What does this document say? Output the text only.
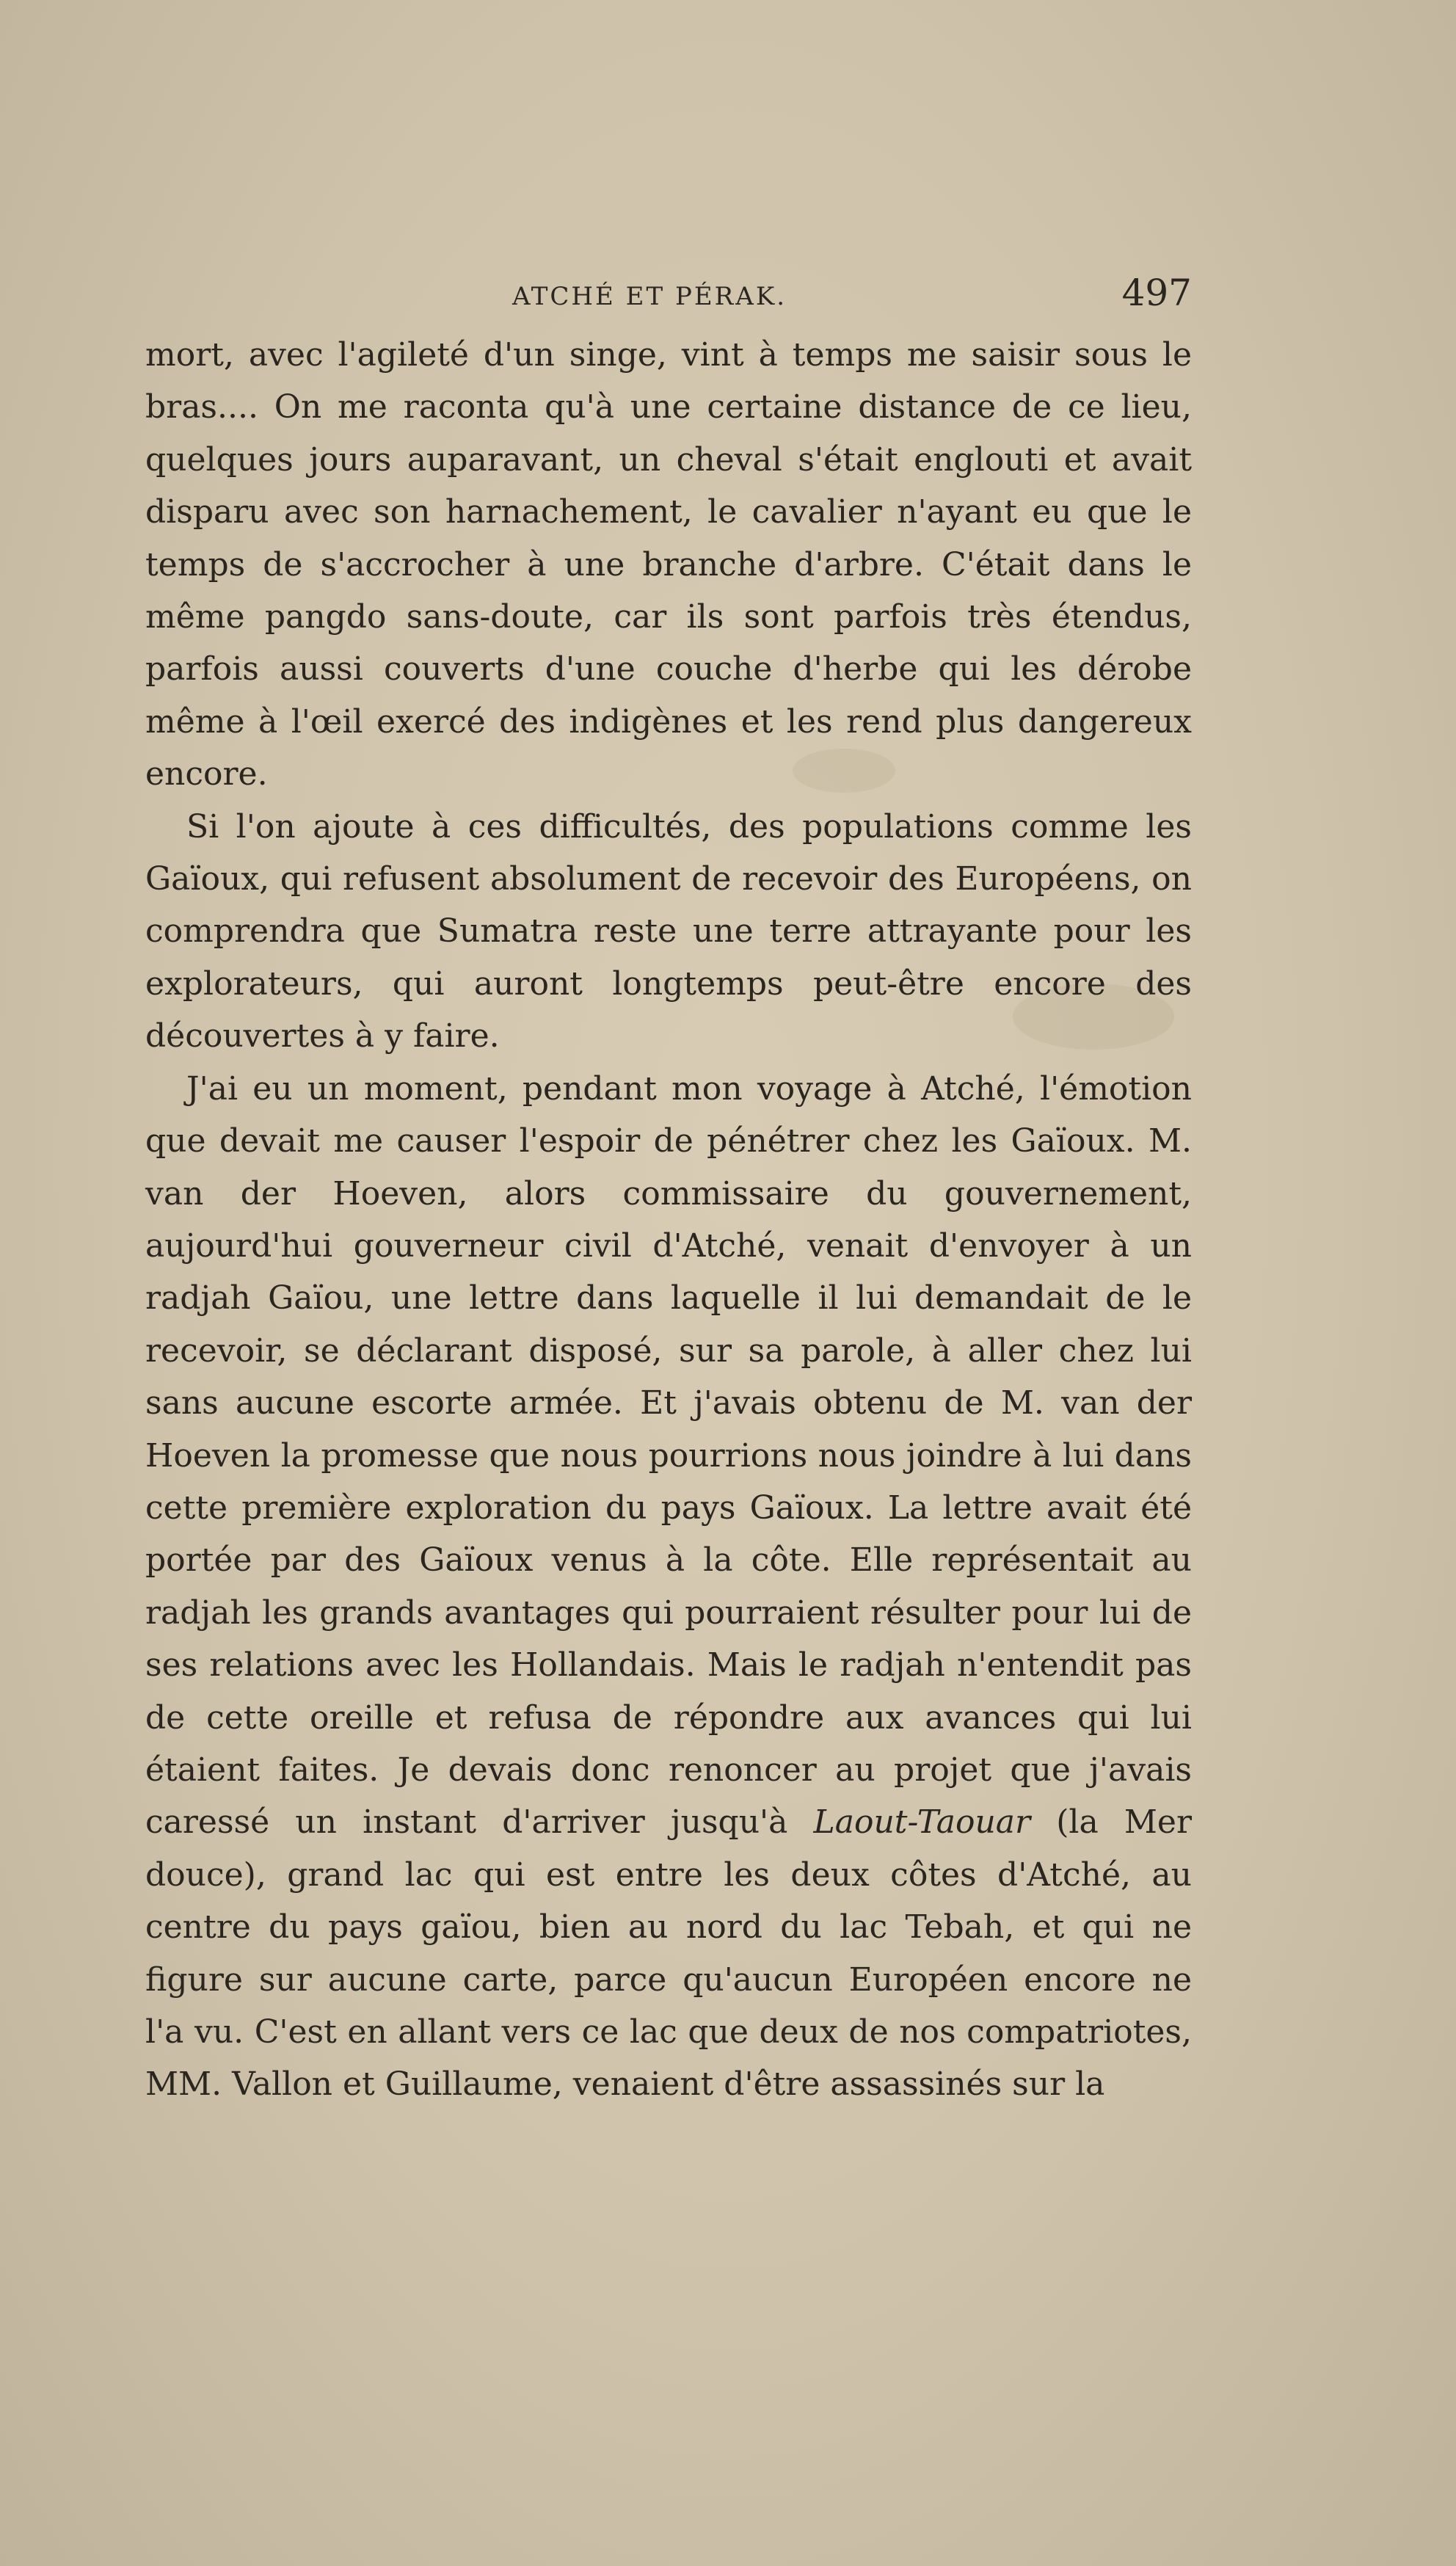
ATCHÉ ET PÉRAK.	497

mort, avec l'agileté d'un singe, vint à temps me saisir sous le bras.... On me raconta qu'à une certaine distance de ce lieu, quelques jours auparavant, un cheval s'était englouti et avait disparu avec son harnachement, le cavalier n'ayant eu que le temps de s'accrocher à une branche d'arbre. C'était dans le même pangdo sans-doute, car ils sont parfois très étendus, parfois aussi couverts d'une couche d'herbe qui les dérobe même à l'œil exercé des indigènes et les rend plus dangereux encore.

Si l'on ajoute à ces difficultés, des populations comme les Gaïoux, qui refusent absolument de recevoir des Européens, on comprendra que Sumatra reste une terre attrayante pour les explorateurs, qui auront longtemps peut-être encore des découvertes à y faire.

J'ai eu un moment, pendant mon voyage à Atché, l'émotion que devait me causer l'espoir de pénétrer chez les Gaïoux. M. van der Hoeven, alors commissaire du gouvernement, aujourd'hui gouverneur civil d'Atché, venait d'envoyer à un radjah Gaïou, une lettre dans laquelle il lui demandait de le recevoir, se déclarant disposé, sur sa parole, à aller chez lui sans aucune escorte armée. Et j'avais obtenu de M. van der Hoeven la promesse que nous pourrions nous joindre à lui dans cette première exploration du pays Gaïoux. La lettre avait été portée par des Gaïoux venus à la côte. Elle représentait au radjah les grands avantages qui pourraient résulter pour lui de ses relations avec les Hollandais. Mais le radjah n'entendit pas de cette oreille et refusa de répondre aux avances qui lui étaient faites. Je devais donc renoncer au projet que j'avais caressé un instant d'arriver jusqu'à Laout-Taouar (la Mer douce), grand lac qui est entre les deux côtes d'Atché, au centre du pays gaïou, bien au nord du lac Tebah, et qui ne figure sur aucune carte, parce qu'aucun Européen encore ne l'a vu. C'est en allant vers ce lac que deux de nos compatriotes, MM. Vallon et Guillaume, venaient d'être assassinés sur la
